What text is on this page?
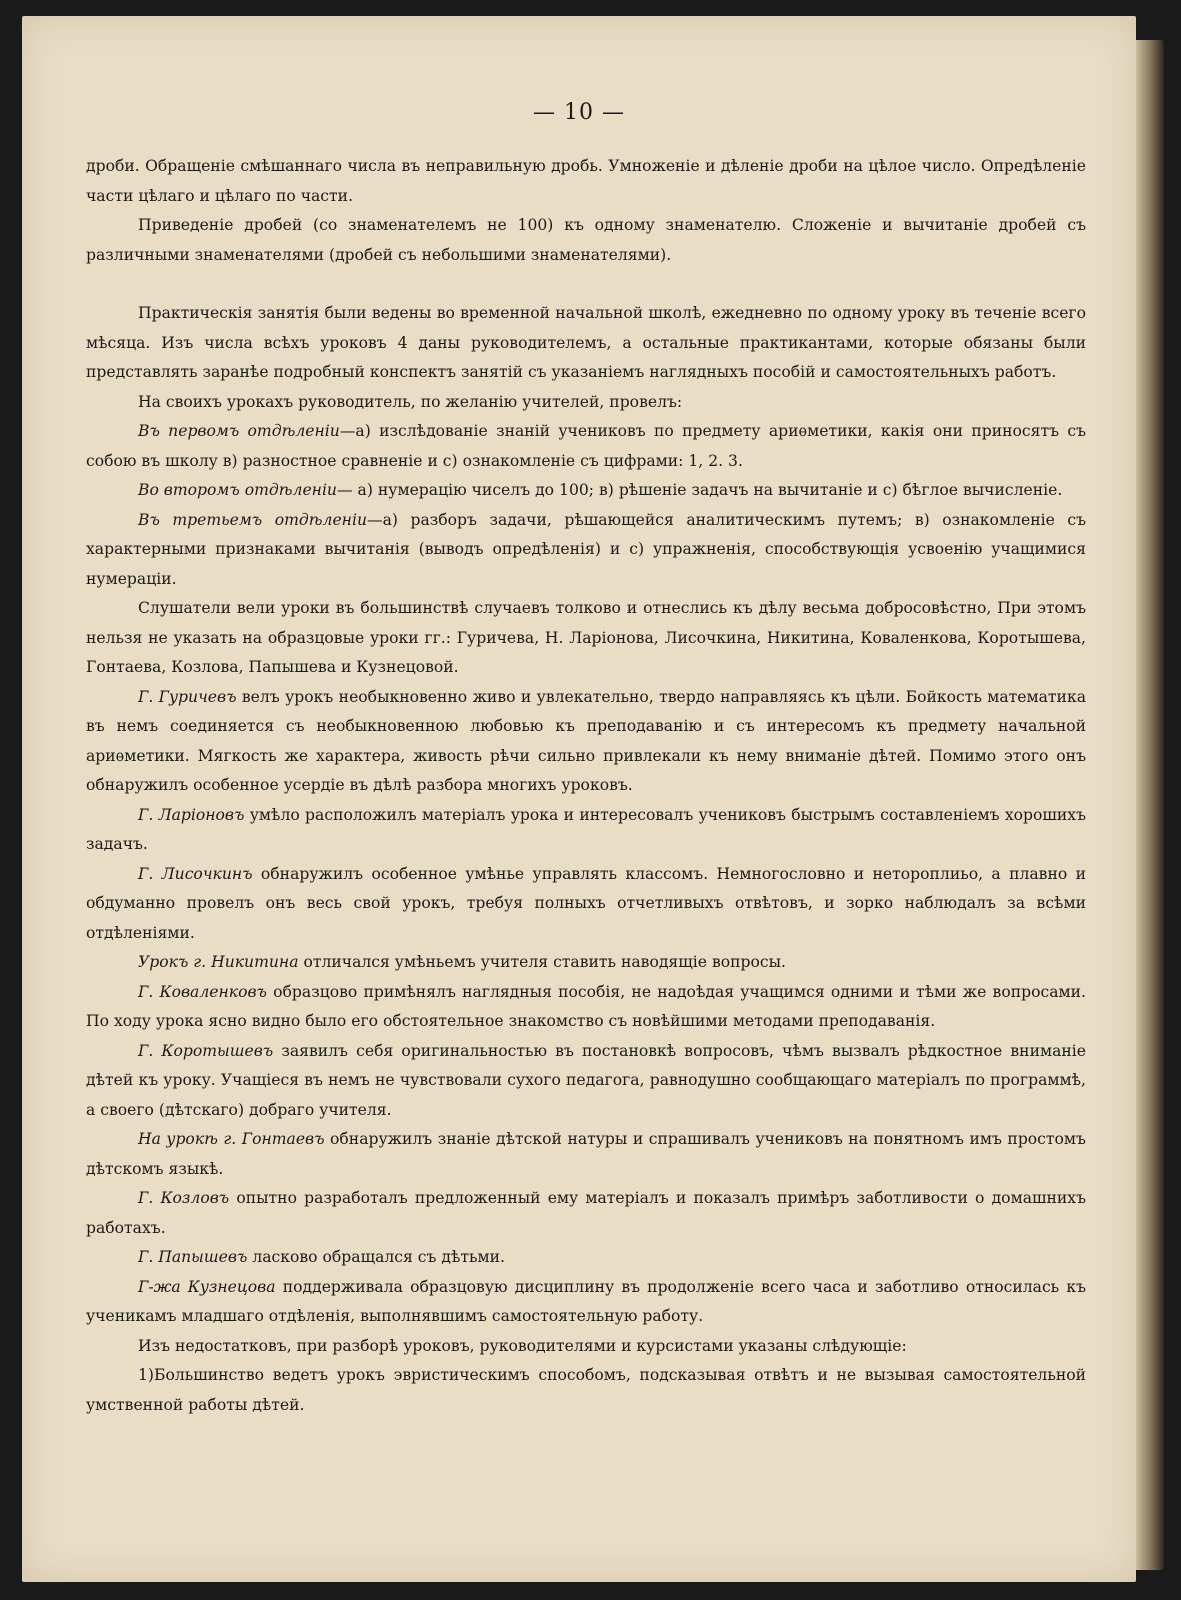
— 10 —

дроби. Обращеніе смѣшаннаго числа въ неправильную дробь. Умноженіе и дѣленіе дроби на цѣлое число. Опредѣленіе части цѣлаго и цѣлаго по части.

Приведеніе дробей (со знаменателемъ не 100) къ одному знаменателю. Сложеніе и вычитаніе дробей съ различными знаменателями (дробей съ небольшими знаменателями).

Практическія занятія были ведены во временной начальной школѣ, ежедневно по одному уроку въ теченіе всего мѣсяца. Изъ числа всѣхъ уроковъ 4 даны руководителемъ, а остальные практикантами, которые обязаны были представлять заранѣе подробный конспектъ занятій съ указаніемъ наглядныхъ пособій и самостоятельныхъ работъ.

На своихъ урокахъ руководитель, по желанію учителей, провелъ:

Въ первомъ отдѣленіи—а) изслѣдованіе знаній учениковъ по предмету ариѳметики, какія они приносятъ съ собою въ школу в) разностное сравненіе и с) ознакомленіе съ цифрами: 1, 2. 3.

Во второмъ отдѣленіи— а) нумерацію чиселъ до 100; в) рѣшеніе задачъ на вычитаніе и с) бѣглое вычисленіе.

Въ третьемъ отдѣленіи—а) разборъ задачи, рѣшающейся аналитическимъ путемъ; в) ознакомленіе съ характерными признаками вычитанія (выводъ опредѣленія) и с) упражненія, способствующія усвоенію учащимися нумераціи.

Слушатели вели уроки въ большинствѣ случаевъ толково и отнеслись къ дѣлу весьма добросовѣстно, При этомъ нельзя не указать на образцовые уроки гг.: Гуричева, Н. Ларіонова, Лисочкина, Никитина, Коваленкова, Коротышева, Гонтаева, Козлова, Папышева и Кузнецовой.

Г. Гуричевъ велъ урокъ необыкновенно живо и увлекательно, твердо направляясь къ цѣли. Бойкость математика въ немъ соединяется съ необыкновенною любовью къ преподаванію и съ интересомъ къ предмету начальной ариѳметики. Мягкость же характера, живость рѣчи сильно привлекали къ нему вниманіе дѣтей. Помимо этого онъ обнаружилъ особенное усердіе въ дѣлѣ разбора многихъ уроковъ.

Г. Ларіоновъ умѣло расположилъ матеріалъ урока и интересовалъ учениковъ быстрымъ составленіемъ хорошихъ задачъ.

Г. Лисочкинъ обнаружилъ особенное умѣнье управлять классомъ. Немногословно и нетороплиьо, а плавно и обдуманно провелъ онъ весь свой урокъ, требуя полныхъ отчетливыхъ отвѣтовъ, и зорко наблюдалъ за всѣми отдѣленіями.

Урокъ г. Никитина отличался умѣньемъ учителя ставить наводящіе вопросы.

Г. Коваленковъ образцово примѣнялъ наглядныя пособія, не надоѣдая учащимся одними и тѣми же вопросами. По ходу урока ясно видно было его обстоятельное знакомство съ новѣйшими методами преподаванія.

Г. Коротышевъ заявилъ себя оригинальностью въ постановкѣ вопросовъ, чѣмъ вызвалъ рѣдкостное вниманіе дѣтей къ уроку. Учащіеся въ немъ не чувствовали сухого педагога, равнодушно сообщающаго матеріалъ по программѣ, а своего (дѣтскаго) добраго учителя.

На урокѣ г. Гонтаевъ обнаружилъ знаніе дѣтской натуры и спрашивалъ учениковъ на понятномъ имъ простомъ дѣтскомъ языкѣ.

Г. Козловъ опытно разработалъ предложенный ему матеріалъ и показалъ примѣръ заботливости о домашнихъ работахъ.

Г. Папышевъ ласково обращался съ дѣтьми.

Г-жа Кузнецова поддерживала образцовую дисциплину въ продолженіе всего часа и заботливо относилась къ ученикамъ младшаго отдѣленія, выполнявшимъ самостоятельную работу.

Изъ недостатковъ, при разборѣ уроковъ, руководителями и курсистами указаны слѣдующіе:

1)Большинство ведетъ урокъ эвристическимъ способомъ, подсказывая отвѣтъ и не вызывая самостоятельной умственной работы дѣтей.
